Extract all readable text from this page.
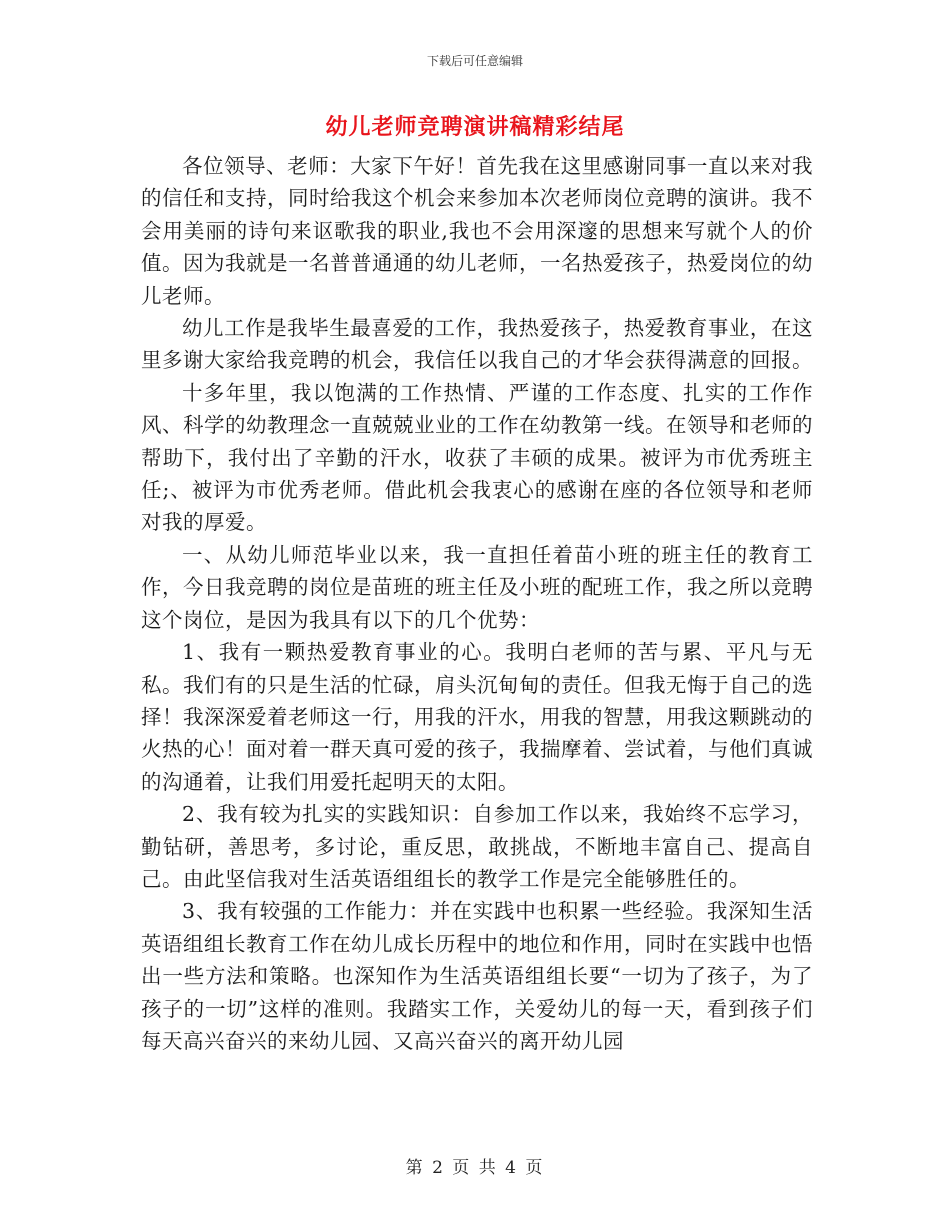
下载后可任意编辑
幼儿老师竞聘演讲稿精彩结尾

各位领导、老师：大家下午好！首先我在这里感谢同事一直以来对我的信任和支持，同时给我这个机会来参加本次老师岗位竞聘的演讲。我不会用美丽的诗句来讴歌我的职业,我也不会用深邃的思想来写就个人的价值。因为我就是一名普普通通的幼儿老师，一名热爱孩子，热爱岗位的幼儿老师。

幼儿工作是我毕生最喜爱的工作，我热爱孩子，热爱教育事业，在这里多谢大家给我竞聘的机会，我信任以我自己的才华会获得满意的回报。

十多年里，我以饱满的工作热情、严谨的工作态度、扎实的工作作风、科学的幼教理念一直兢兢业业的工作在幼教第一线。在领导和老师的帮助下，我付出了辛勤的汗水，收获了丰硕的成果。被评为市优秀班主任;、被评为市优秀老师。借此机会我衷心的感谢在座的各位领导和老师对我的厚爱。

一、从幼儿师范毕业以来，我一直担任着苗小班的班主任的教育工作，今日我竞聘的岗位是苗班的班主任及小班的配班工作，我之所以竞聘这个岗位，是因为我具有以下的几个优势：

1、我有一颗热爱教育事业的心。我明白老师的苦与累、平凡与无私。我们有的只是生活的忙碌，肩头沉甸甸的责任。但我无悔于自己的选择！我深深爱着老师这一行，用我的汗水，用我的智慧，用我这颗跳动的火热的心！面对着一群天真可爱的孩子，我揣摩着、尝试着，与他们真诚的沟通着，让我们用爱托起明天的太阳。

2、我有较为扎实的实践知识：自参加工作以来，我始终不忘学习，勤钻研，善思考，多讨论，重反思，敢挑战，不断地丰富自己、提高自己。由此坚信我对生活英语组组长的教学工作是完全能够胜任的。

3、我有较强的工作能力：并在实践中也积累一些经验。我深知生活英语组组长教育工作在幼儿成长历程中的地位和作用，同时在实践中也悟出一些方法和策略。也深知作为生活英语组组长要“一切为了孩子，为了孩子的一切”这样的准则。我踏实工作，关爱幼儿的每一天，看到孩子们每天高兴奋兴的来幼儿园、又高兴奋兴的离开幼儿园

第 2 页 共 4 页
